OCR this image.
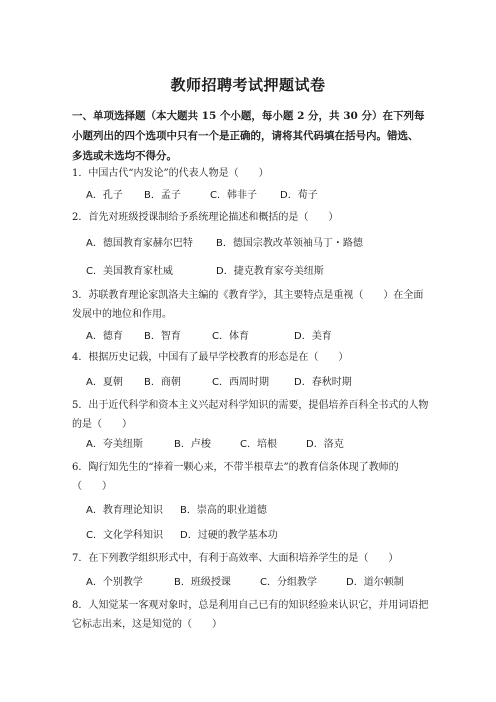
教师招聘考试押题试卷
一、单项选择题（本大题共 15 个小题，每小题 2 分，共 30 分）在下列每小题列出的四个选项中只有一个是正确的，请将其代码填在括号内。错选、多选或未选均不得分。
1．中国古代“内发论”的代表人物是（　　）
A．孔子 B．孟子	C．韩非子 D．荀子
2．首先对班级授课制给予系统理论描述和概括的是（　　）
A．德国教育家赫尔巴特 B．德国宗教改革领袖马丁・路德
C．美国教育家杜威	D．捷克教育家夸美纽斯
3．苏联教育理论家凯洛夫主编的《教育学》，其主要特点是重视（　　）在全面发展中的地位和作用。
A．德育 B．智育	C．体育	D．美育
4．根据历史记载，中国有了最早学校教育的形态是在（　　）
A．夏朝 B．商朝	C．西周时期	D．春秋时期
5．出于近代科学和资本主义兴起对科学知识的需要，提倡培养百科全书式的人物的是（　　）
A．夸美纽斯	B．卢梭	C．培根	D．洛克
6．陶行知先生的“捧着一颗心来，不带半根草去”的教育信条体现了教师的（　　）
A．教育理论知识 B．崇高的职业道德
C．文化学科知识 D．过硬的教学基本功
7．在下列教学组织形式中，有利于高效率、大面积培养学生的是（　　）
A．个别教学	B．班级授课	C．分组教学	D．道尔顿制
8．人知觉某一客观对象时，总是利用自己已有的知识经验来认识它，并用词语把它标志出来，这是知觉的（　　）
